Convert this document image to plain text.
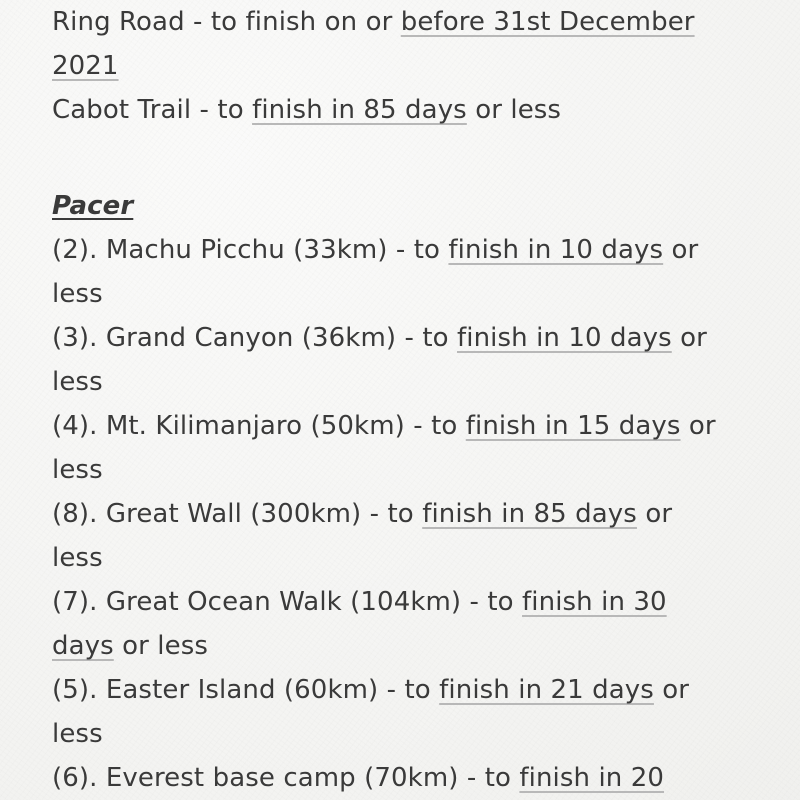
Ring Road - to finish on or before 31st December
2021
Cabot Trail - to finish in 85 days or less
Pacer
(2). Machu Picchu (33km) - to finish in 10 days or
less
(3). Grand Canyon (36km) - to finish in 10 days or
less
(4). Mt. Kilimanjaro (50km) - to finish in 15 days or
less
(8). Great Wall (300km) - to finish in 85 days or
less
(7). Great Ocean Walk (104km) - to finish in 30
days or less
(5). Easter Island (60km) - to finish in 21 days or
less
(6). Everest base camp (70km) - to finish in 20
